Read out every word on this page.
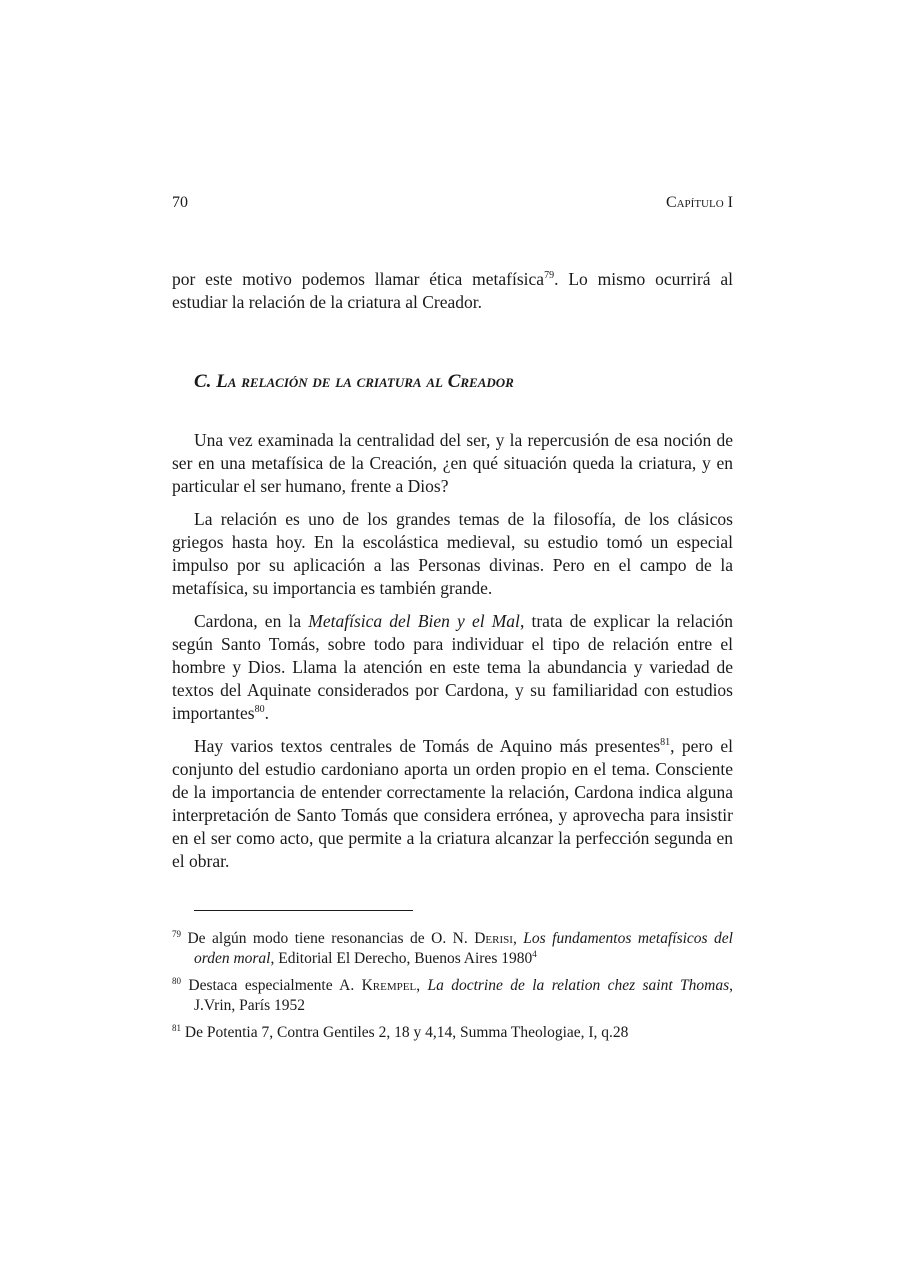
70	Capítulo I

por este motivo podemos llamar ética metafísica$^{79}$. Lo mismo ocurrirá al estudiar la relación de la criatura al Creador.

C. La relación de la criatura al Creador

Una vez examinada la centralidad del ser, y la repercusión de esa noción de ser en una metafísica de la Creación, ¿en qué situación queda la criatura, y en particular el ser humano, frente a Dios?

La relación es uno de los grandes temas de la filosofía, de los clásicos griegos hasta hoy. En la escolástica medieval, su estudio tomó un especial impulso por su aplicación a las Personas divinas. Pero en el campo de la metafísica, su importancia es también grande.

Cardona, en la Metafísica del Bien y el Mal, trata de explicar la relación según Santo Tomás, sobre todo para individuar el tipo de relación entre el hombre y Dios. Llama la atención en este tema la abundancia y variedad de textos del Aquinate considerados por Cardona, y su familiaridad con estudios importantes$^{80}$.

Hay varios textos centrales de Tomás de Aquino más presentes$^{81}$, pero el conjunto del estudio cardoniano aporta un orden propio en el tema. Consciente de la importancia de entender correctamente la relación, Cardona indica alguna interpretación de Santo Tomás que considera errónea, y aprovecha para insistir en el ser como acto, que permite a la criatura alcanzar la perfección segunda en el obrar.

$^{79}$ De algún modo tiene resonancias de O. N. Derisi, Los fundamentos metafísicos del orden moral, Editorial El Derecho, Buenos Aires 1980$^4$

$^{80}$ Destaca especialmente A. Krempel, La doctrine de la relation chez saint Thomas, J.Vrin, París 1952

$^{81}$ De Potentia 7, Contra Gentiles 2, 18 y 4,14, Summa Theologiae, I, q.28
